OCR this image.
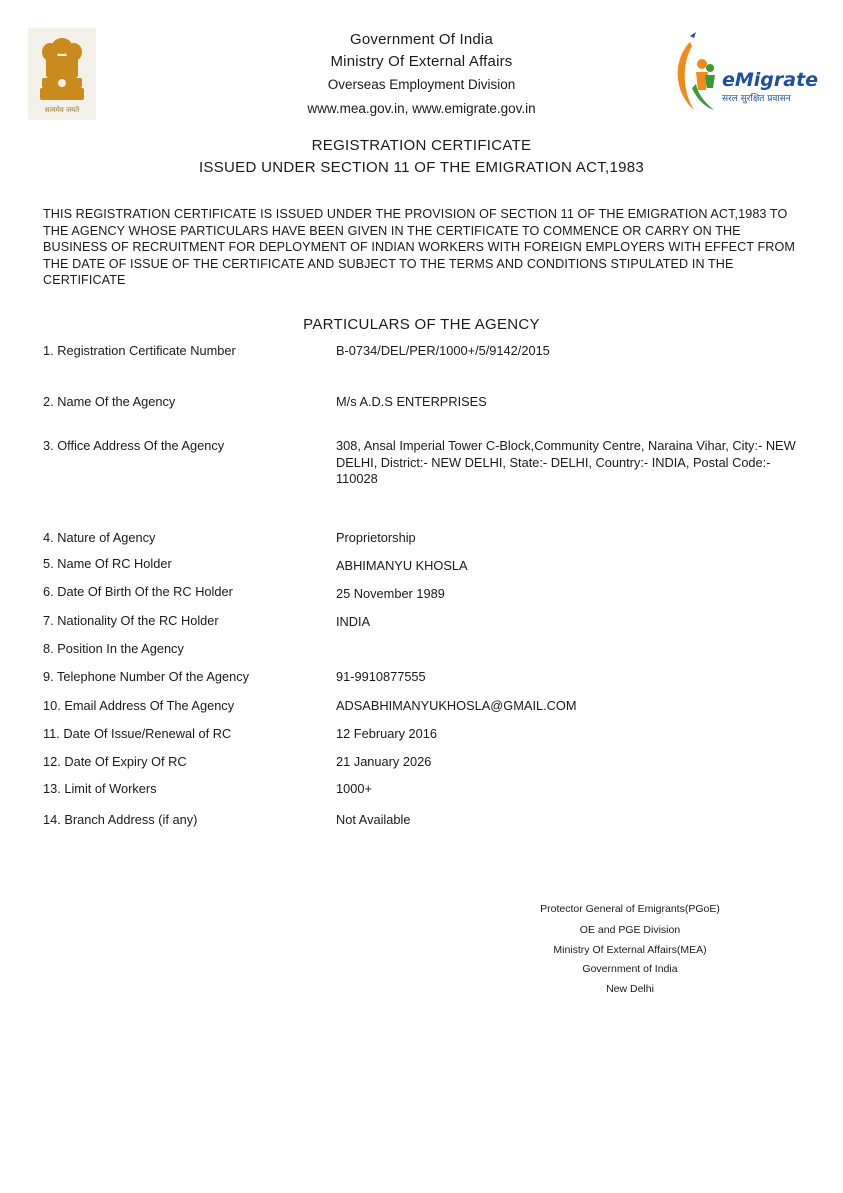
सत्यमेव जयते
Government Of India
Ministry Of External Affairs
Overseas Employment Division
www.mea.gov.in, www.emigrate.gov.in
eMigrate
सरल सुरक्षित प्रवासन
REGISTRATION CERTIFICATE
ISSUED UNDER SECTION 11 OF THE EMIGRATION ACT,1983
THIS REGISTRATION CERTIFICATE IS ISSUED UNDER THE PROVISION OF SECTION 11 OF THE EMIGRATION ACT,1983 TO THE AGENCY WHOSE PARTICULARS HAVE BEEN GIVEN IN THE CERTIFICATE TO COMMENCE OR CARRY ON THE BUSINESS OF RECRUITMENT FOR DEPLOYMENT OF INDIAN WORKERS WITH FOREIGN EMPLOYERS WITH EFFECT FROM THE DATE OF ISSUE OF THE CERTIFICATE AND SUBJECT TO THE TERMS AND CONDITIONS STIPULATED IN THE CERTIFICATE
PARTICULARS OF THE AGENCY
1. Registration Certificate Number	B-0734/DEL/PER/1000+/5/9142/2015
2. Name Of the Agency	M/s A.D.S ENTERPRISES
3. Office Address Of the Agency	308, Ansal Imperial Tower C-Block,Community Centre, Naraina Vihar, City:- NEW DELHI, District:- NEW DELHI, State:- DELHI, Country:- INDIA, Postal Code:- 110028
4. Nature of Agency	Proprietorship
5. Name Of RC Holder	ABHIMANYU KHOSLA
6. Date Of Birth Of the RC Holder	25 November 1989
7. Nationality Of the RC Holder	INDIA
8. Position In the Agency
9. Telephone Number Of the Agency	91-9910877555
10. Email Address Of The Agency	ADSABHIMANYUKHOSLA@GMAIL.COM
11. Date Of Issue/Renewal of RC	12 February 2016
12. Date Of Expiry Of RC	21 January 2026
13. Limit of Workers	1000+
14. Branch Address (if any)	Not Available
Protector General of Emigrants(PGoE)
OE and PGE Division
Ministry Of External Affairs(MEA)
Government of India
New Delhi
